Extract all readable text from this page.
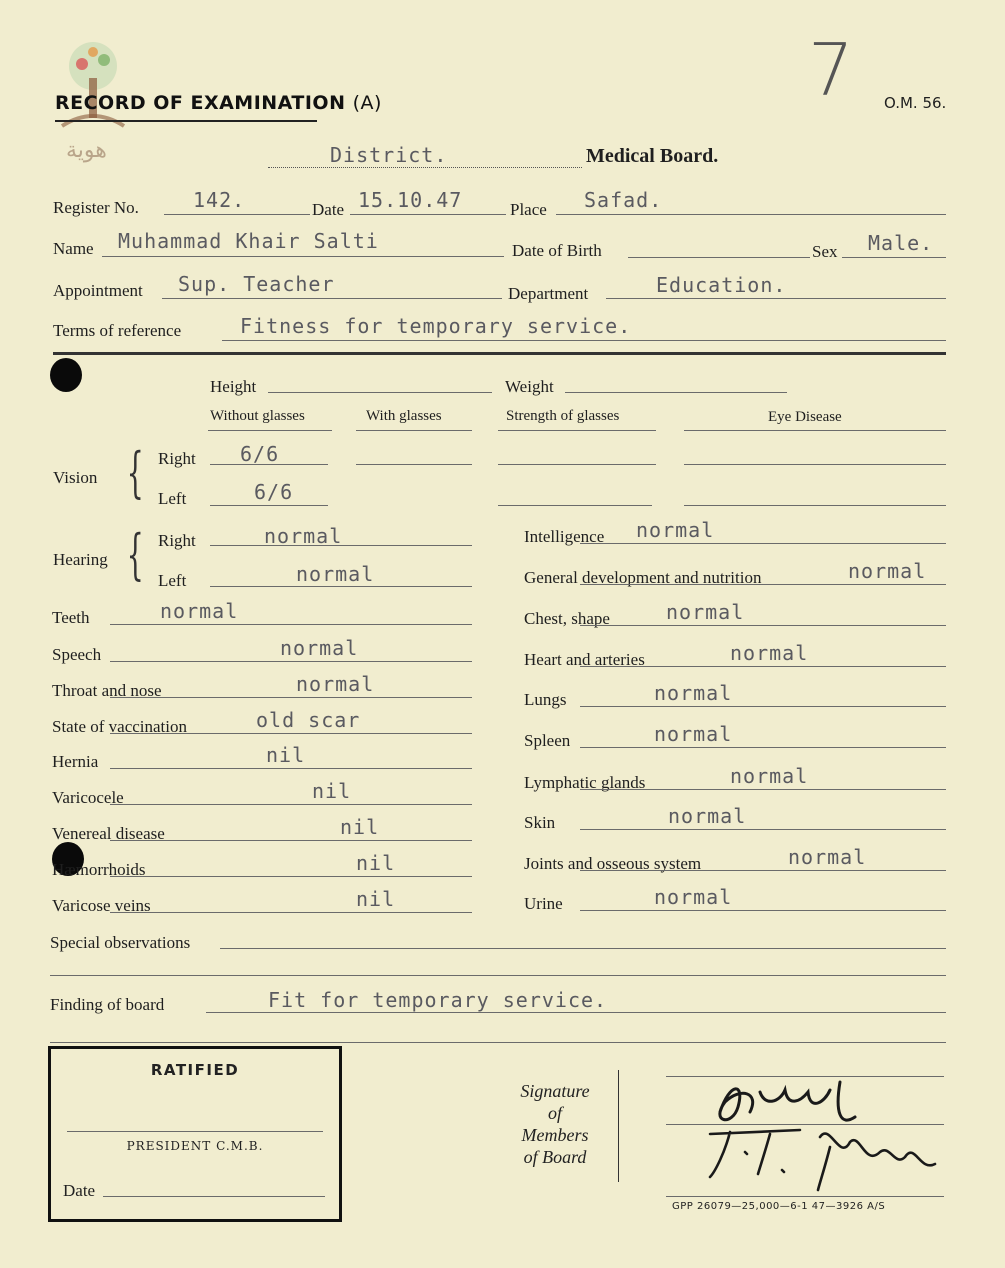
هوية
RECORD OF EXAMINATION (A)	O.M. 56.
7
District.	Medical Board.
Register No.	142.	Date 15.10.47	Place Safad.
Name Muhammad Khair Salti	Date of Birth	Sex Male.
Appointment Sup. Teacher	Department	Education.
Terms of reference	Fitness for temporary service.
Height	Weight
Without glasses	With glasses	Strength of glasses	Eye Disease
Vision { Right 6/6
Left	6/6
Hearing { Right	normal
Left	normal
Teeth	normal
Speech	normal
Throat and nose	normal
State of vaccination	old scar
Hernia	nil
Varicocele	nil
Venereal disease	nil
Hæmorrhoids	nil
Varicose veins	nil
Intelligence normal
General development and nutrition	normal
Chest, shape	normal
Heart and arteries	normal
Lungs	normal
Spleen	normal
Lymphatic glands	normal
Skin	normal
Joints and osseous system	normal
Urine	normal
Special observations
Finding of board	Fit for temporary service.
RATIFIED
PRESIDENT C.M.B.
Date
Signature
of
Members
of Board
GPP 26079—25,000—6-1 47—3926 A/S
